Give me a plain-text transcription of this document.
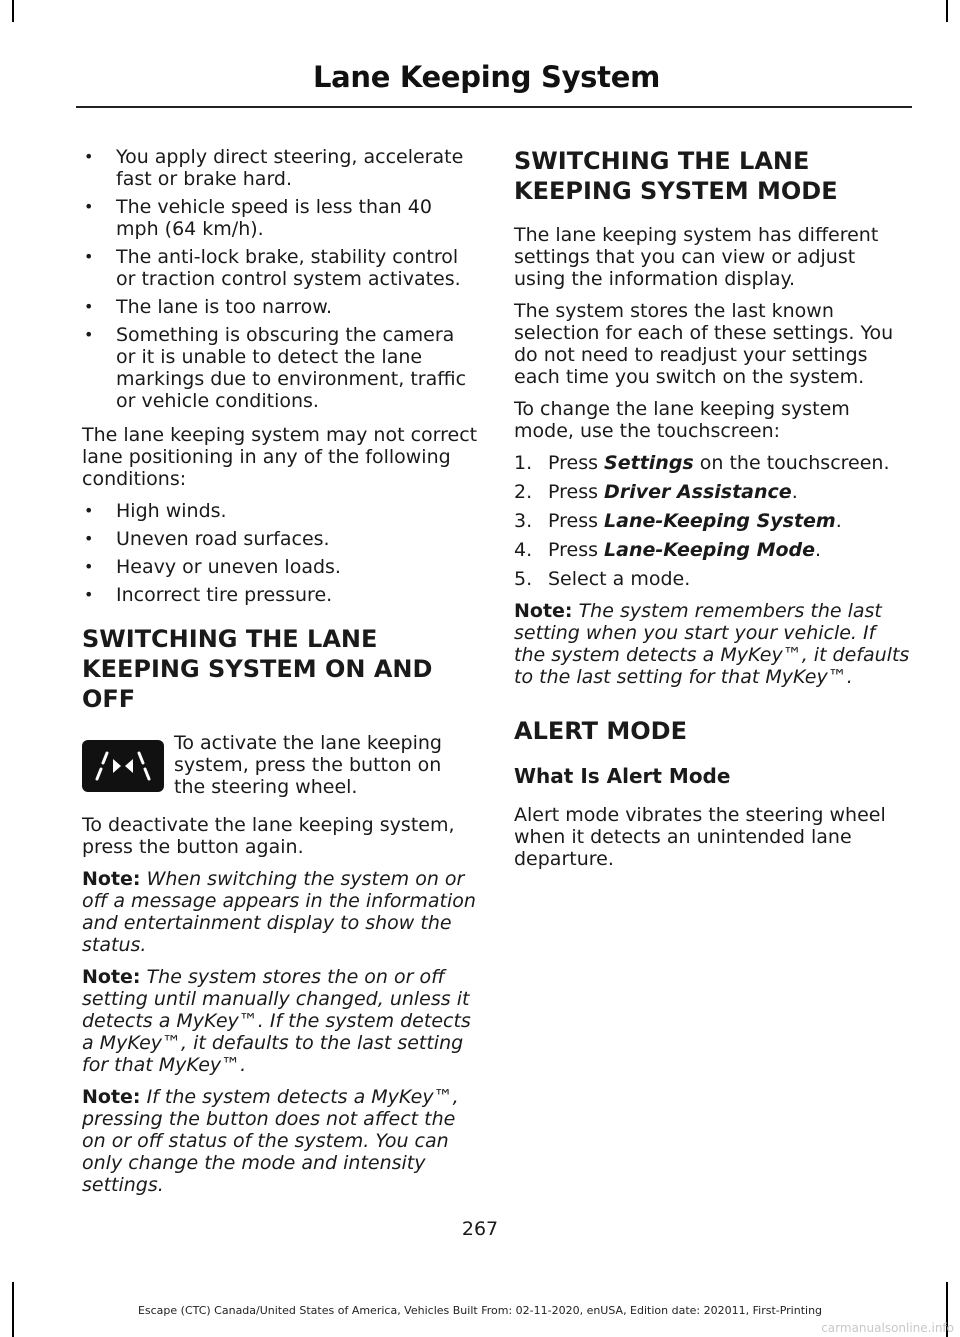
Lane Keeping System
• You apply direct steering, accelerate fast or brake hard.
• The vehicle speed is less than 40 mph (64 km/h).
• The anti-lock brake, stability control or traction control system activates.
• The lane is too narrow.
• Something is obscuring the camera or it is unable to detect the lane markings due to environment, traffic or vehicle conditions.

The lane keeping system may not correct lane positioning in any of the following conditions:

• High winds.
• Uneven road surfaces.
• Heavy or uneven loads.
• Incorrect tire pressure.
SWITCHING THE LANE KEEPING SYSTEM ON AND OFF

To activate the lane keeping system, press the button on the steering wheel.

To deactivate the lane keeping system, press the button again.

Note: When switching the system on or off a message appears in the information and entertainment display to show the status.

Note: The system stores the on or off setting until manually changed, unless it detects a MyKey™. If the system detects a MyKey™, it defaults to the last setting for that MyKey™.

Note: If the system detects a MyKey™, pressing the button does not affect the on or off status of the system. You can only change the mode and intensity settings.

SWITCHING THE LANE KEEPING SYSTEM MODE

The lane keeping system has different settings that you can view or adjust using the information display.

The system stores the last known selection for each of these settings. You do not need to readjust your settings each time you switch on the system.

To change the lane keeping system mode, use the touchscreen:

1. Press Settings on the touchscreen.
2. Press Driver Assistance.
3. Press Lane-Keeping System.
4. Press Lane-Keeping Mode.
5. Select a mode.

Note: The system remembers the last setting when you start your vehicle. If the system detects a MyKey™, it defaults to the last setting for that MyKey™.

ALERT MODE
What Is Alert Mode

Alert mode vibrates the steering wheel when it detects an unintended lane departure.

267
Escape (CTC) Canada/United States of America, Vehicles Built From: 02-11-2020, enUSA, Edition date: 202011, First-Printing
carmanualsonline.info
